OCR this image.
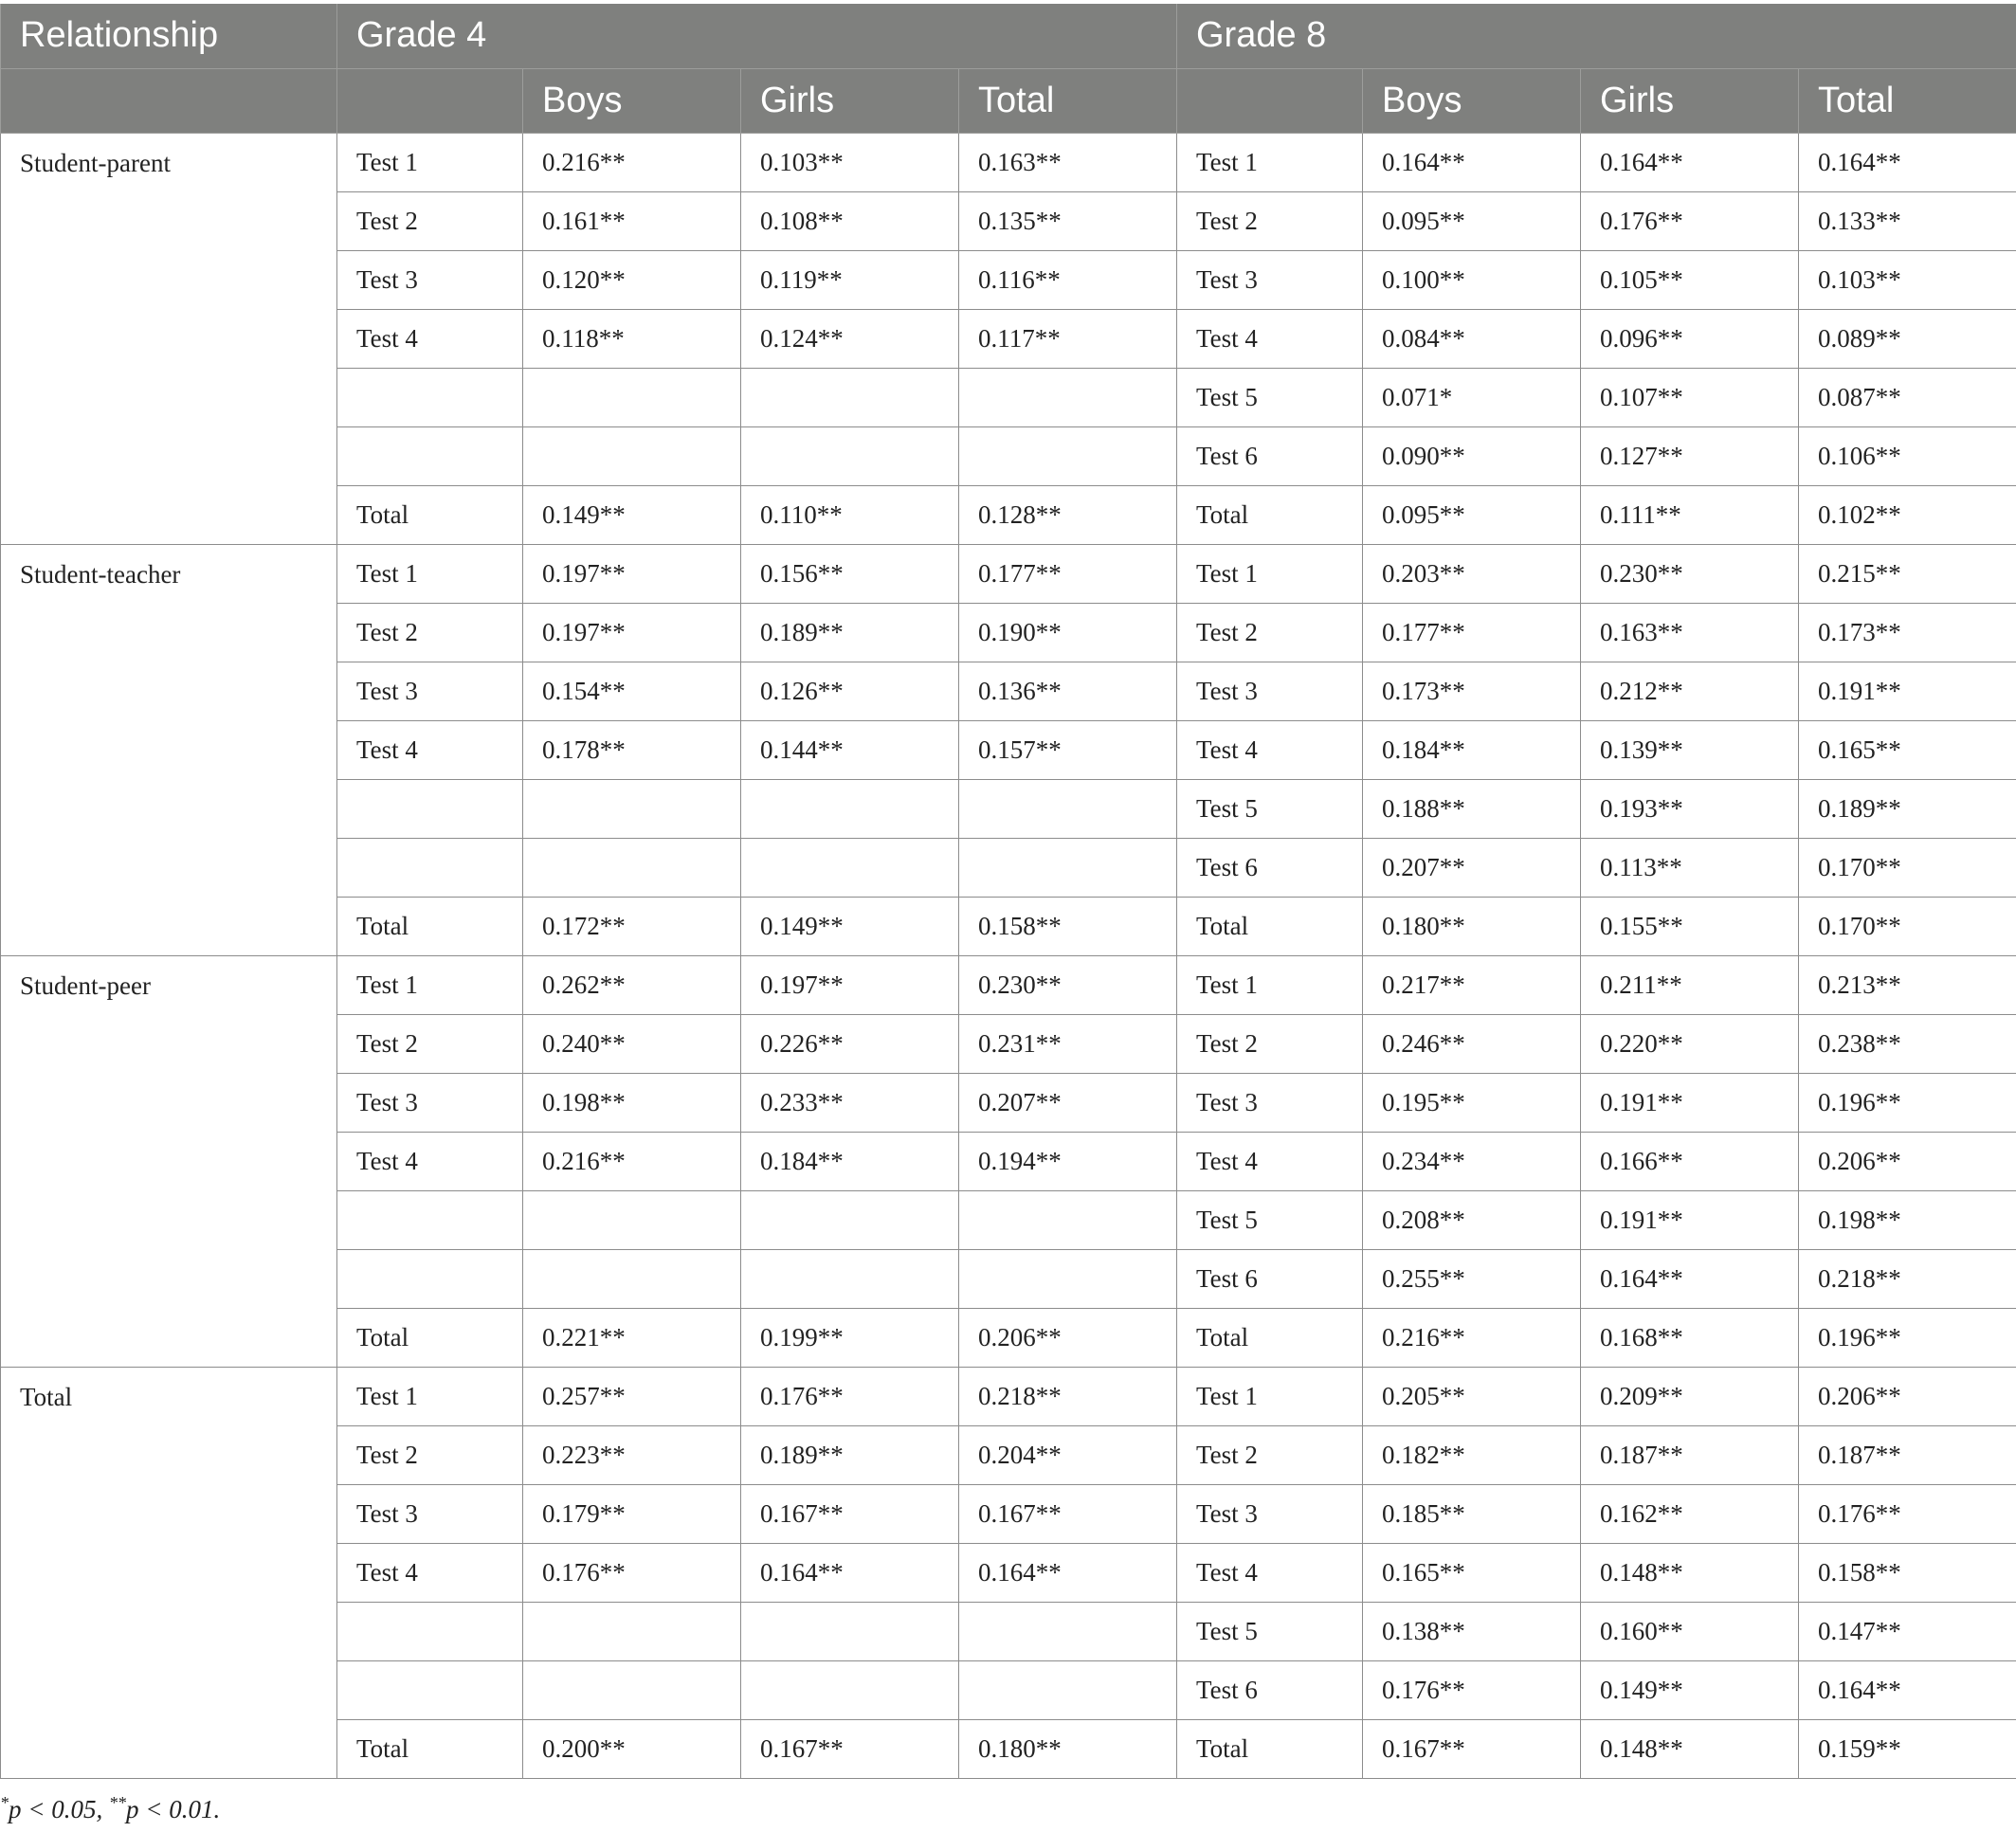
Relationship	Grade 4				Grade 8			
		Boys	Girls	Total		Boys	Girls	Total
Student-parent	Test 1	0.216**	0.103**	0.163**	Test 1	0.164**	0.164**	0.164**
	Test 2	0.161**	0.108**	0.135**	Test 2	0.095**	0.176**	0.133**
	Test 3	0.120**	0.119**	0.116**	Test 3	0.100**	0.105**	0.103**
	Test 4	0.118**	0.124**	0.117**	Test 4	0.084**	0.096**	0.089**
					Test 5	0.071*	0.107**	0.087**
					Test 6	0.090**	0.127**	0.106**
	Total	0.149**	0.110**	0.128**	Total	0.095**	0.111**	0.102**
Student-teacher	Test 1	0.197**	0.156**	0.177**	Test 1	0.203**	0.230**	0.215**
	Test 2	0.197**	0.189**	0.190**	Test 2	0.177**	0.163**	0.173**
	Test 3	0.154**	0.126**	0.136**	Test 3	0.173**	0.212**	0.191**
	Test 4	0.178**	0.144**	0.157**	Test 4	0.184**	0.139**	0.165**
					Test 5	0.188**	0.193**	0.189**
					Test 6	0.207**	0.113**	0.170**
	Total	0.172**	0.149**	0.158**	Total	0.180**	0.155**	0.170**
Student-peer	Test 1	0.262**	0.197**	0.230**	Test 1	0.217**	0.211**	0.213**
	Test 2	0.240**	0.226**	0.231**	Test 2	0.246**	0.220**	0.238**
	Test 3	0.198**	0.233**	0.207**	Test 3	0.195**	0.191**	0.196**
	Test 4	0.216**	0.184**	0.194**	Test 4	0.234**	0.166**	0.206**
					Test 5	0.208**	0.191**	0.198**
					Test 6	0.255**	0.164**	0.218**
	Total	0.221**	0.199**	0.206**	Total	0.216**	0.168**	0.196**
Total	Test 1	0.257**	0.176**	0.218**	Test 1	0.205**	0.209**	0.206**
	Test 2	0.223**	0.189**	0.204**	Test 2	0.182**	0.187**	0.187**
	Test 3	0.179**	0.167**	0.167**	Test 3	0.185**	0.162**	0.176**
	Test 4	0.176**	0.164**	0.164**	Test 4	0.165**	0.148**	0.158**
					Test 5	0.138**	0.160**	0.147**
					Test 6	0.176**	0.149**	0.164**
	Total	0.200**	0.167**	0.180**	Total	0.167**	0.148**	0.159**
*p < 0.05, **p < 0.01.
